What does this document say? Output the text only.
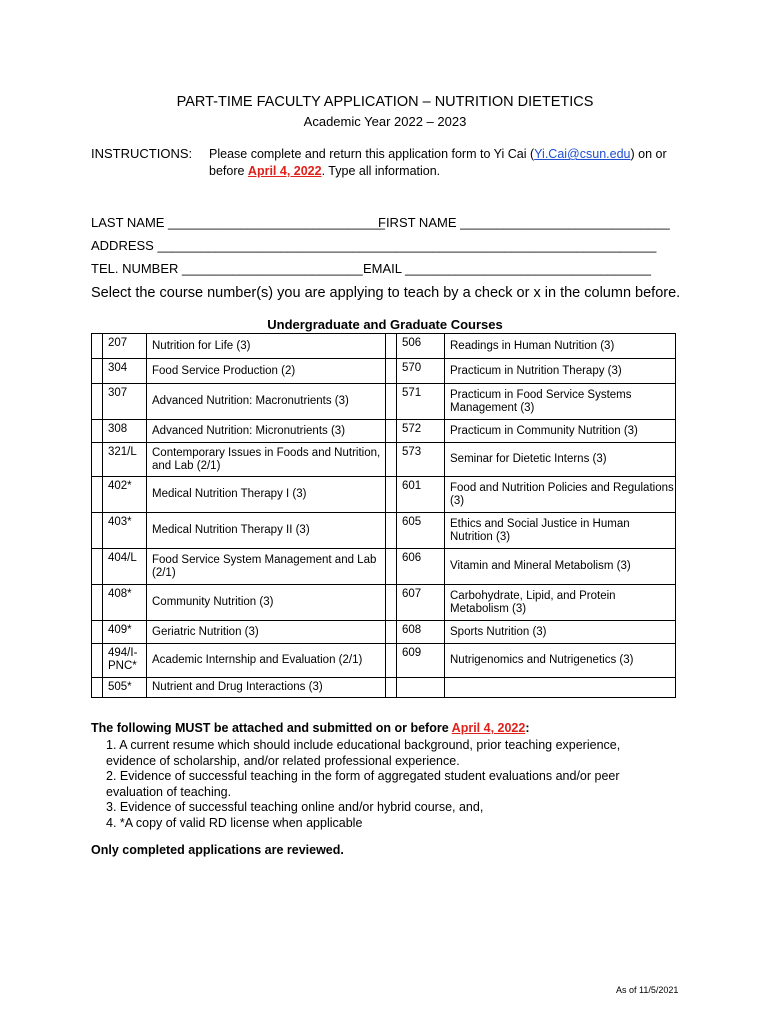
PART-TIME FACULTY APPLICATION – NUTRITION DIETETICS
Academic Year 2022 – 2023
INSTRUCTIONS: Please complete and return this application form to Yi Cai (Yi.Cai@csun.edu) on or before April 4, 2022. Type all information.
LAST NAME ______________________________
FIRST NAME _____________________________
ADDRESS _____________________________________________________________________
TEL. NUMBER _________________________ EMAIL __________________________________
Select the course number(s) you are applying to teach by a check or x in the column before.
Undergraduate and Graduate Courses
	207	Nutrition for Life (3)		506	Readings in Human Nutrition (3)
	304	Food Service Production (2)		570	Practicum in Nutrition Therapy (3)
	307	Advanced Nutrition: Macronutrients (3)		571	Practicum in Food Service Systems Management (3)
	308	Advanced Nutrition: Micronutrients (3)		572	Practicum in Community Nutrition (3)
	321/L	Contemporary Issues in Foods and Nutrition, and Lab (2/1)		573	Seminar for Dietetic Interns (3)
	402*	Medical Nutrition Therapy I (3)		601	Food and Nutrition Policies and Regulations (3)
	403*	Medical Nutrition Therapy II (3)		605	Ethics and Social Justice in Human Nutrition (3)
	404/L	Food Service System Management and Lab (2/1)		606	Vitamin and Mineral Metabolism (3)
	408*	Community Nutrition (3)		607	Carbohydrate, Lipid, and Protein Metabolism (3)
	409*	Geriatric Nutrition (3)		608	Sports Nutrition (3)
	494/I-PNC*	Academic Internship and Evaluation (2/1)		609	Nutrigenomics and Nutrigenetics (3)
	505*	Nutrient and Drug Interactions (3)			
The following MUST be attached and submitted on or before April 4, 2022:
1. A current resume which should include educational background, prior teaching experience, evidence of scholarship, and/or related professional experience.
2. Evidence of successful teaching in the form of aggregated student evaluations and/or peer evaluation of teaching.
3. Evidence of successful teaching online and/or hybrid course, and,
4. *A copy of valid RD license when applicable
Only completed applications are reviewed.
As of 11/5/2021
